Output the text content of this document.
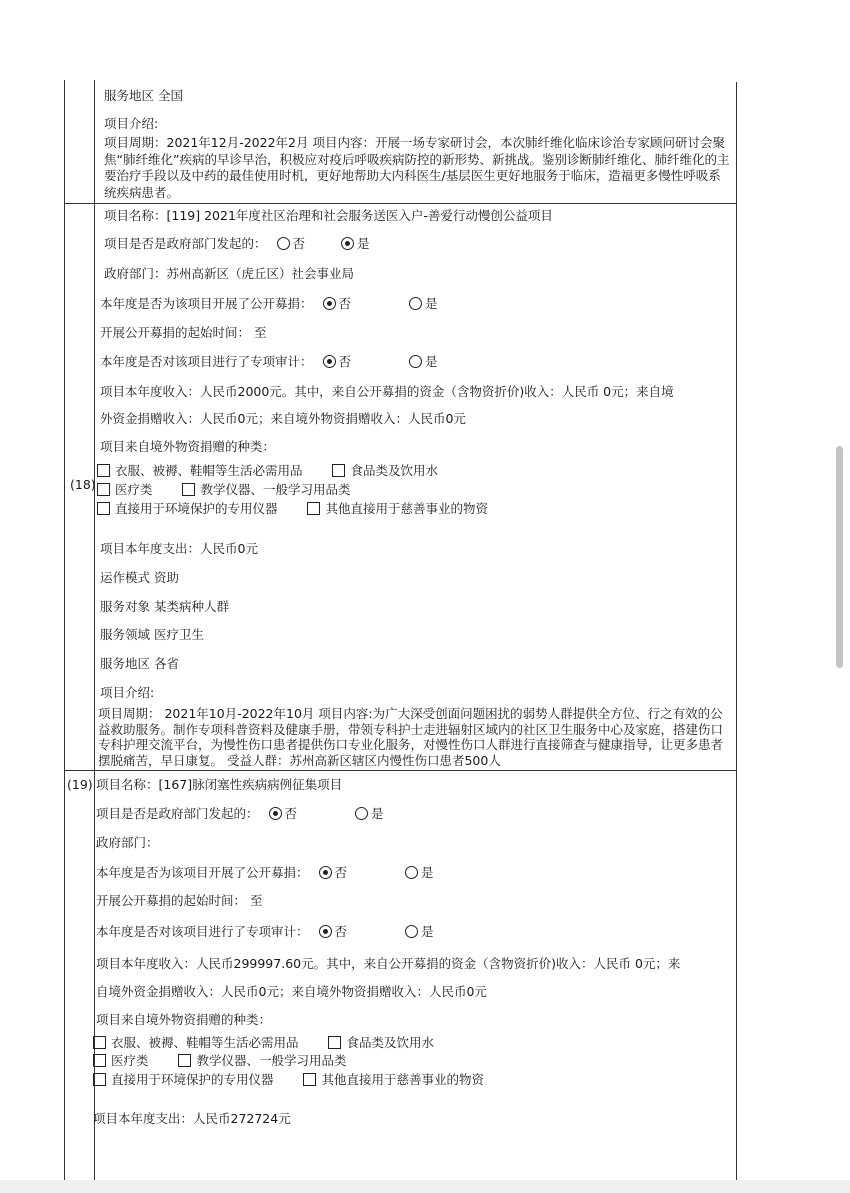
服务地区 全国
项目介绍:
项目周期：2021年12月-2022年2月 项目内容：开展一场专家研讨会，本次肺纤维化临床诊治专家顾问研讨会聚焦“肺纤维化”疾病的早诊早治，积极应对疫后呼吸疾病防控的新形势、新挑战。鉴别诊断肺纤维化、肺纤维化的主要治疗手段以及中药的最佳使用时机，更好地帮助大内科医生/基层医生更好地服务于临床，造福更多慢性呼吸系统疾病患者。
(18)
项目名称：[119] 2021年度社区治理和社会服务送医入户-善爱行动慢创公益项目
项目是否是政府部门发起的： 否	是
政府部门：苏州高新区（虎丘区）社会事业局
本年度是否为该项目开展了公开募捐： 否	是
开展公开募捐的起始时间： 至
本年度是否对该项目进行了专项审计： 否	是
项目本年度收入：人民币2000元。其中，来自公开募捐的资金（含物资折价)收入：人民币 0元；来自境
外资金捐赠收入：人民币0元；来自境外物资捐赠收入：人民币0元
项目来自境外物资捐赠的种类：
衣服、被褥、鞋帽等生活必需用品	食品类及饮用水
医疗类	教学仪器、一般学习用品类
直接用于环境保护的专用仪器	其他直接用于慈善事业的物资
项目本年度支出：人民币0元
运作模式 资助
服务对象 某类病种人群
服务领域 医疗卫生
服务地区 各省
项目介绍:
项目周期： 2021年10月-2022年10月 项目内容:为广大深受创面问题困扰的弱势人群提供全方位、行之有效的公益救助服务。制作专项科普资料及健康手册，带领专科护士走进辐射区域内的社区卫生服务中心及家庭，搭建伤口专科护理交流平台，为慢性伤口患者提供伤口专业化服务，对慢性伤口人群进行直接筛查与健康指导，让更多患者摆脱痛苦，早日康复。 受益人群：苏州高新区辖区内慢性伤口患者500人
(19) 项目名称：[167]脉闭塞性疾病病例征集项目
项目是否是政府部门发起的： 否	是
政府部门：
本年度是否为该项目开展了公开募捐： 否	是
开展公开募捐的起始时间： 至
本年度是否对该项目进行了专项审计： 否	是
项目本年度收入：人民币299997.60元。其中，来自公开募捐的资金（含物资折价)收入：人民币 0元；来
自境外资金捐赠收入：人民币0元；来自境外物资捐赠收入：人民币0元
项目来自境外物资捐赠的种类：
衣服、被褥、鞋帽等生活必需用品	食品类及饮用水
医疗类	教学仪器、一般学习用品类
直接用于环境保护的专用仪器	其他直接用于慈善事业的物资
项目本年度支出：人民币272724元
